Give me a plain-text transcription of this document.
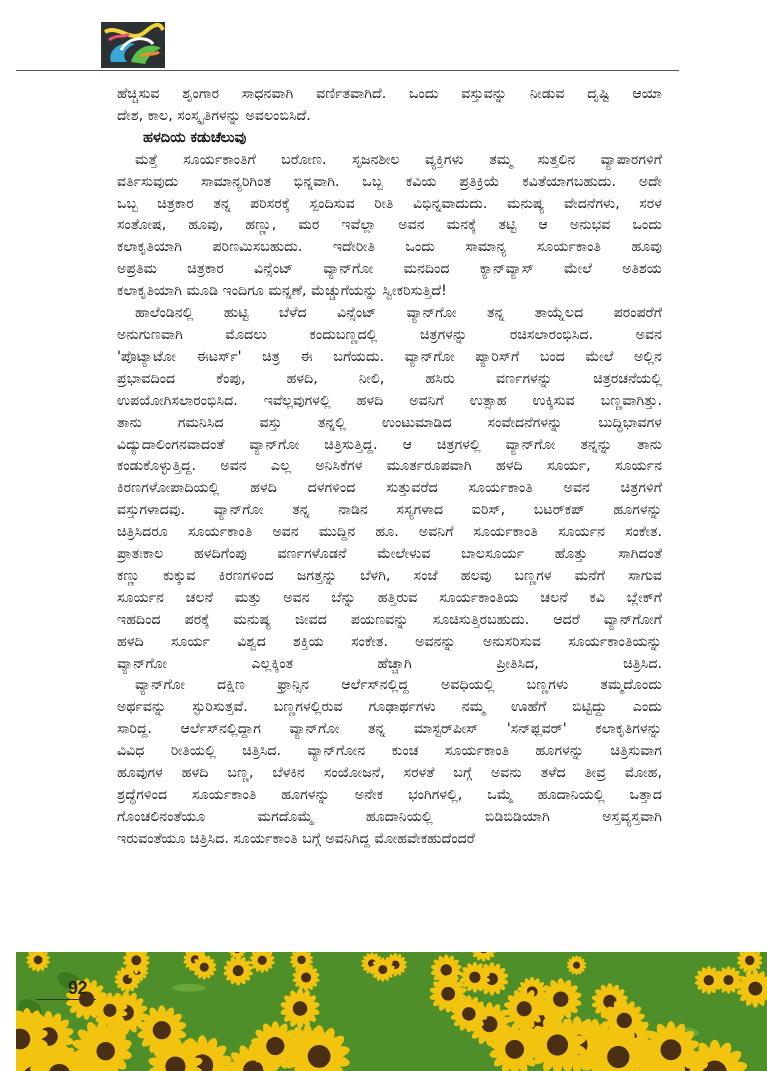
ಹೆಚ್ಚಿಸುವ ಶೃಂಗಾರ ಸಾಧನವಾಗಿ ವರ್ಣಿತವಾಗಿದೆ. ಒಂದು ವಸ್ತುವನ್ನು ನೀಡುವ ದೃಷ್ಟಿ ಆಯಾ

ದೇಶ, ಕಾಲ, ಸಂಸ್ಕೃತಿಗಳನ್ನು ಅವಲಂಬಿಸಿದೆ.

ಹಳದಿಯ ಕಡುಚೆಲುವು

ಮತ್ತೆ ಸೂರ್ಯಕಾಂತಿಗೆ ಬರೋಣ. ಸೃಜನಶೀಲ ವ್ಯಕ್ತಿಗಳು ತಮ್ಮ ಸುತ್ತಲಿನ ವ್ಯಾಪಾರಗಳಿಗೆ

ವರ್ತಿಸುವುದು ಸಾಮಾನ್ಯರಿಗಿಂತ ಭಿನ್ನವಾಗಿ. ಒಬ್ಬ ಕವಿಯ ಪ್ರತಿಕ್ರಿಯೆ ಕವಿತೆಯಾಗಬಹುದು. ಅದೇ

ಒಬ್ಬ ಚಿತ್ರಕಾರ ತನ್ನ ಪರಿಸರಕ್ಕೆ ಸ್ಪಂದಿಸುವ ರೀತಿ ವಿಭಿನ್ನವಾದುದು. ಮನುಷ್ಯ ವೇದನೆಗಳು, ಸರಳ

ಸಂತೋಷ, ಹೂವು, ಹಣ್ಣು, ಮರ ಇವೆಲ್ಲಾ ಅವನ ಮನಕ್ಕೆ ತಟ್ಟಿ ಆ ಅನುಭವ ಒಂದು

ಕಲಾಕೃತಿಯಾಗಿ ಪರಿಣಮಿಸಬಹುದು. ಇದೇರೀತಿ ಒಂದು ಸಾಮಾನ್ಯ ಸೂರ್ಯಕಾಂತಿ ಹೂವು

ಅಪ್ರತಿಮ ಚಿತ್ರಕಾರ ವಿನ್ಸೆಂಟ್ ವ್ಯಾನ್‌ಗೋ ಮನದಿಂದ ಕ್ಯಾನ್‌ವ್ಯಾಸ್ ಮೇಲೆ ಅತಿಶಯ

ಕಲಾಕೃತಿಯಾಗಿ ಮೂಡಿ ಇಂದಿಗೂ ಮನ್ನಣೆ, ಮೆಚ್ಚುಗೆಯನ್ನು ಸ್ವೀಕರಿಸುತ್ತಿದೆ!

ಹಾಲೆಂಡಿನಲ್ಲಿ ಹುಟ್ಟಿ ಬೆಳೆದ ವಿನ್ಸೆಂಟ್ ವ್ಯಾನ್‌ಗೋ ತನ್ನ ತಾಯ್ನೆಲದ ಪರಂಪರೆಗೆ

ಅನುಗುಣವಾಗಿ ಮೊದಲು ಕಂದುಬಣ್ಣದಲ್ಲಿ ಚಿತ್ರಗಳನ್ನು ರಚಿಸಲಾರಂಭಿಸಿದ. ಅವನ

'ಪೊಟ್ಯಾಟೋ ಈಟರ್ಸ್' ಚಿತ್ರ ಈ ಬಗೆಯದು. ವ್ಯಾನ್‌ಗೋ ಪ್ಯಾರಿಸ್‌ಗೆ ಬಂದ ಮೇಲೆ ಅಲ್ಲಿನ

ಪ್ರಭಾವದಿಂದ ಕೆಂಪು, ಹಳದಿ, ನೀಲಿ, ಹಸಿರು ವರ್ಣಗಳನ್ನು ಚಿತ್ರರಚನೆಯಲ್ಲಿ

ಉಪಯೋಗಿಸಲಾರಂಭಿಸಿದ. ಇವೆಲ್ಲವುಗಳಲ್ಲಿ ಹಳದಿ ಅವನಿಗೆ ಉತ್ಸಾಹ ಉಕ್ಕಿಸುವ ಬಣ್ಣವಾಗಿತ್ತು.

ತಾನು ಗಮನಿಸಿದ ವಸ್ತು ತನ್ನಲ್ಲಿ ಉಂಟುಮಾಡಿದ ಸಂವೇದನೆಗಳನ್ನು ಬುದ್ಧಿಭಾವಗಳ

ವಿದ್ಯುದಾಲಿಂಗನವಾದಂತೆ ವ್ಯಾನ್‌ಗೋ ಚಿತ್ರಿಸುತ್ತಿದ್ದ. ಆ ಚಿತ್ರಗಳಲ್ಲಿ ವ್ಯಾನ್‌ಗೋ ತನ್ನನ್ನು ತಾನು

ಕಂಡುಕೊಳ್ಳುತ್ತಿದ್ದ. ಅವನ ಎಲ್ಲ ಅನಿಸಿಕೆಗಳ ಮೂರ್ತರೂಪವಾಗಿ ಹಳದಿ ಸೂರ್ಯ, ಸೂರ್ಯನ

ಕಿರಣಗಳೋಪಾದಿಯಲ್ಲಿ ಹಳದಿ ದಳಗಳಿಂದ ಸುತ್ತುವರೆದ ಸೂರ್ಯಕಾಂತಿ ಅವನ ಚಿತ್ರಗಳಿಗೆ

ವಸ್ತುಗಳಾದವು. ವ್ಯಾನ್‌ಗೋ ತನ್ನ ನಾಡಿನ ಸಸ್ಯಗಳಾದ ಐರಿಸ್, ಬಟರ್‌ಕಪ್ ಹೂಗಳನ್ನು

ಚಿತ್ರಿಸಿದರೂ ಸೂರ್ಯಕಾಂತಿ ಅವನ ಮುದ್ದಿನ ಹೂ. ಅವನಿಗೆ ಸೂರ್ಯಕಾಂತಿ ಸೂರ್ಯನ ಸಂಕೇತ.

ಪ್ರಾತಃಕಾಲ ಹಳದಿಗೆಂಪು ವರ್ಣಗಳೊಡನೆ ಮೇಲೇಳುವ ಬಾಲಸೂರ್ಯ ಹೊತ್ತು ಸಾಗಿದಂತೆ

ಕಣ್ಣು ಕುಕ್ಕುವ ಕಿರಣಗಳಿಂದ ಜಗತ್ತನ್ನು ಬೆಳಗಿ, ಸಂಜೆ ಹಲವು ಬಣ್ಣಗಳ ಮನೆಗೆ ಸಾಗುವ

ಸೂರ್ಯನ ಚಲನೆ ಮತ್ತು ಅವನ ಬೆನ್ನು ಹತ್ತಿರುವ ಸೂರ್ಯಕಾಂತಿಯ ಚಲನೆ ಕವಿ ಬ್ಲೇಕ್‌ಗೆ

ಇಹದಿಂದ ಪರಕ್ಕೆ ಮನುಷ್ಯ ಜೀವದ ಪಯಣವನ್ನು ಸೂಚಿಸುತ್ತಿರಬಹುದು. ಆದರೆ ವ್ಯಾನ್‌ಗೋಗೆ

ಹಳದಿ ಸೂರ್ಯ ವಿಶ್ವದ ಶಕ್ತಿಯ ಸಂಕೇತ. ಅವನನ್ನು ಅನುಸರಿಸುವ ಸೂರ್ಯಕಾಂತಿಯನ್ನು

ವ್ಯಾನ್‌ಗೋ ಎಲ್ಲಕ್ಕಿಂತ ಹೆಚ್ಚಾಗಿ ಪ್ರೀತಿಸಿದ, ಚಿತ್ರಿಸಿದ.

ವ್ಯಾನ್‌ಗೋ ದಕ್ಷಿಣ ಫ್ರಾನ್ಸಿನ ಆರ್ಲೆಸ್‌ನಲ್ಲಿದ್ದ ಅವಧಿಯಲ್ಲಿ ಬಣ್ಣಗಳು ತಮ್ಮದೊಂದು

ಅರ್ಥವನ್ನು ಸ್ಫುರಿಸುತ್ತವೆ. ಬಣ್ಣಗಳಲ್ಲಿರುವ ಗೂಢಾರ್ಥಗಳು ನಮ್ಮ ಊಹೆಗೆ ಬಿಟ್ಟಿದ್ದು ಎಂದು

ಸಾರಿದ್ದ. ಆರ್ಲೆಸ್‌ನಲ್ಲಿದ್ದಾಗ ವ್ಯಾನ್‌ಗೋ ತನ್ನ ಮಾಸ್ಟರ್‌ಪೀಸ್ 'ಸನ್‌ಫ್ಲವರ್' ಕಲಾಕೃತಿಗಳನ್ನು

ವಿವಿಧ ರೀತಿಯಲ್ಲಿ ಚಿತ್ರಿಸಿದ. ವ್ಯಾನ್‌ಗೋನ ಕುಂಚ ಸೂರ್ಯಕಾಂತಿ ಹೂಗಳನ್ನು ಚಿತ್ರಿಸುವಾಗ

ಹೂವುಗಳ ಹಳದಿ ಬಣ್ಣ, ಬೆಳಕಿನ ಸಂಯೋಜನೆ, ಸರಳತೆ ಬಗ್ಗೆ ಅವನು ತಳೆದ ತೀವ್ರ ಮೋಹ,

ಶ್ರದ್ಧೆಗಳಿಂದ ಸೂರ್ಯಕಾಂತಿ ಹೂಗಳನ್ನು ಅನೇಕ ಭಂಗಿಗಳಲ್ಲಿ, ಒಮ್ಮೆ ಹೂದಾನಿಯಲ್ಲಿ ಒತ್ತಾದ

ಗೊಂಚಲಿನಂತೆಯೂ ಮಗದೊಮ್ಮೆ ಹೂದಾನಿಯಲ್ಲಿ ಬಿಡಿಬಿಡಿಯಾಗಿ ಅಸ್ತವ್ಯಸ್ತವಾಗಿ

ಇರುವಂತೆಯೂ ಚಿತ್ರಿಸಿದ. ಸೂರ್ಯಕಾಂತಿ ಬಗ್ಗೆ ಅವನಿಗಿದ್ದ ಮೋಹವೇಕಹುದೆಂದರೆ

92
